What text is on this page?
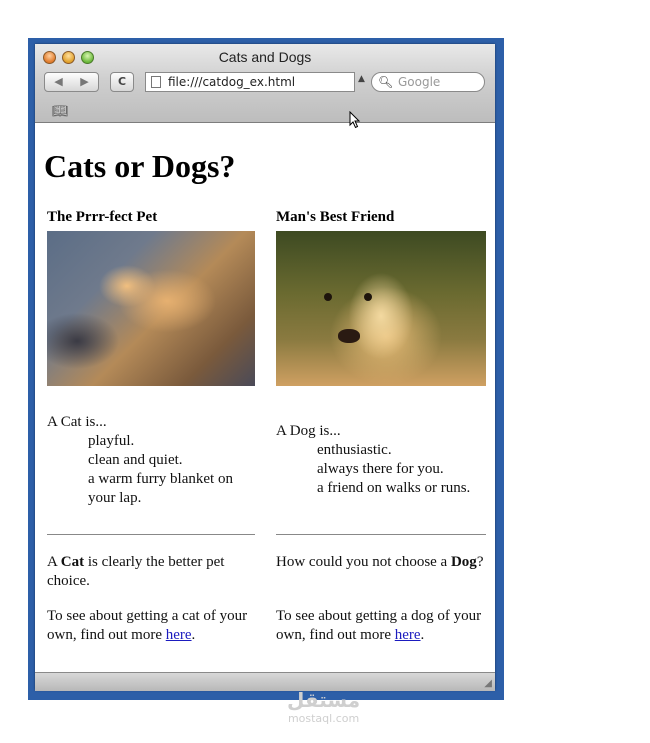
Cats and Dogs
◀ ▶	C	file:///catdog_ex.html	▲ 🔍︎ Google
📖︎
Cats or Dogs?
The Prrr-fect Pet
A Cat is...
playful.
clean and quiet.
a warm furry blanket on
your lap.

A Cat is clearly the better pet choice.

To see about getting a cat of your own, find out more here.

Man's Best Friend
A Dog is...
enthusiastic.
always there for you.
a friend on walks or runs.

How could you not choose a Dog?

To see about getting a dog of your own, find out more here.

◢
مستقل
mostaql.com
